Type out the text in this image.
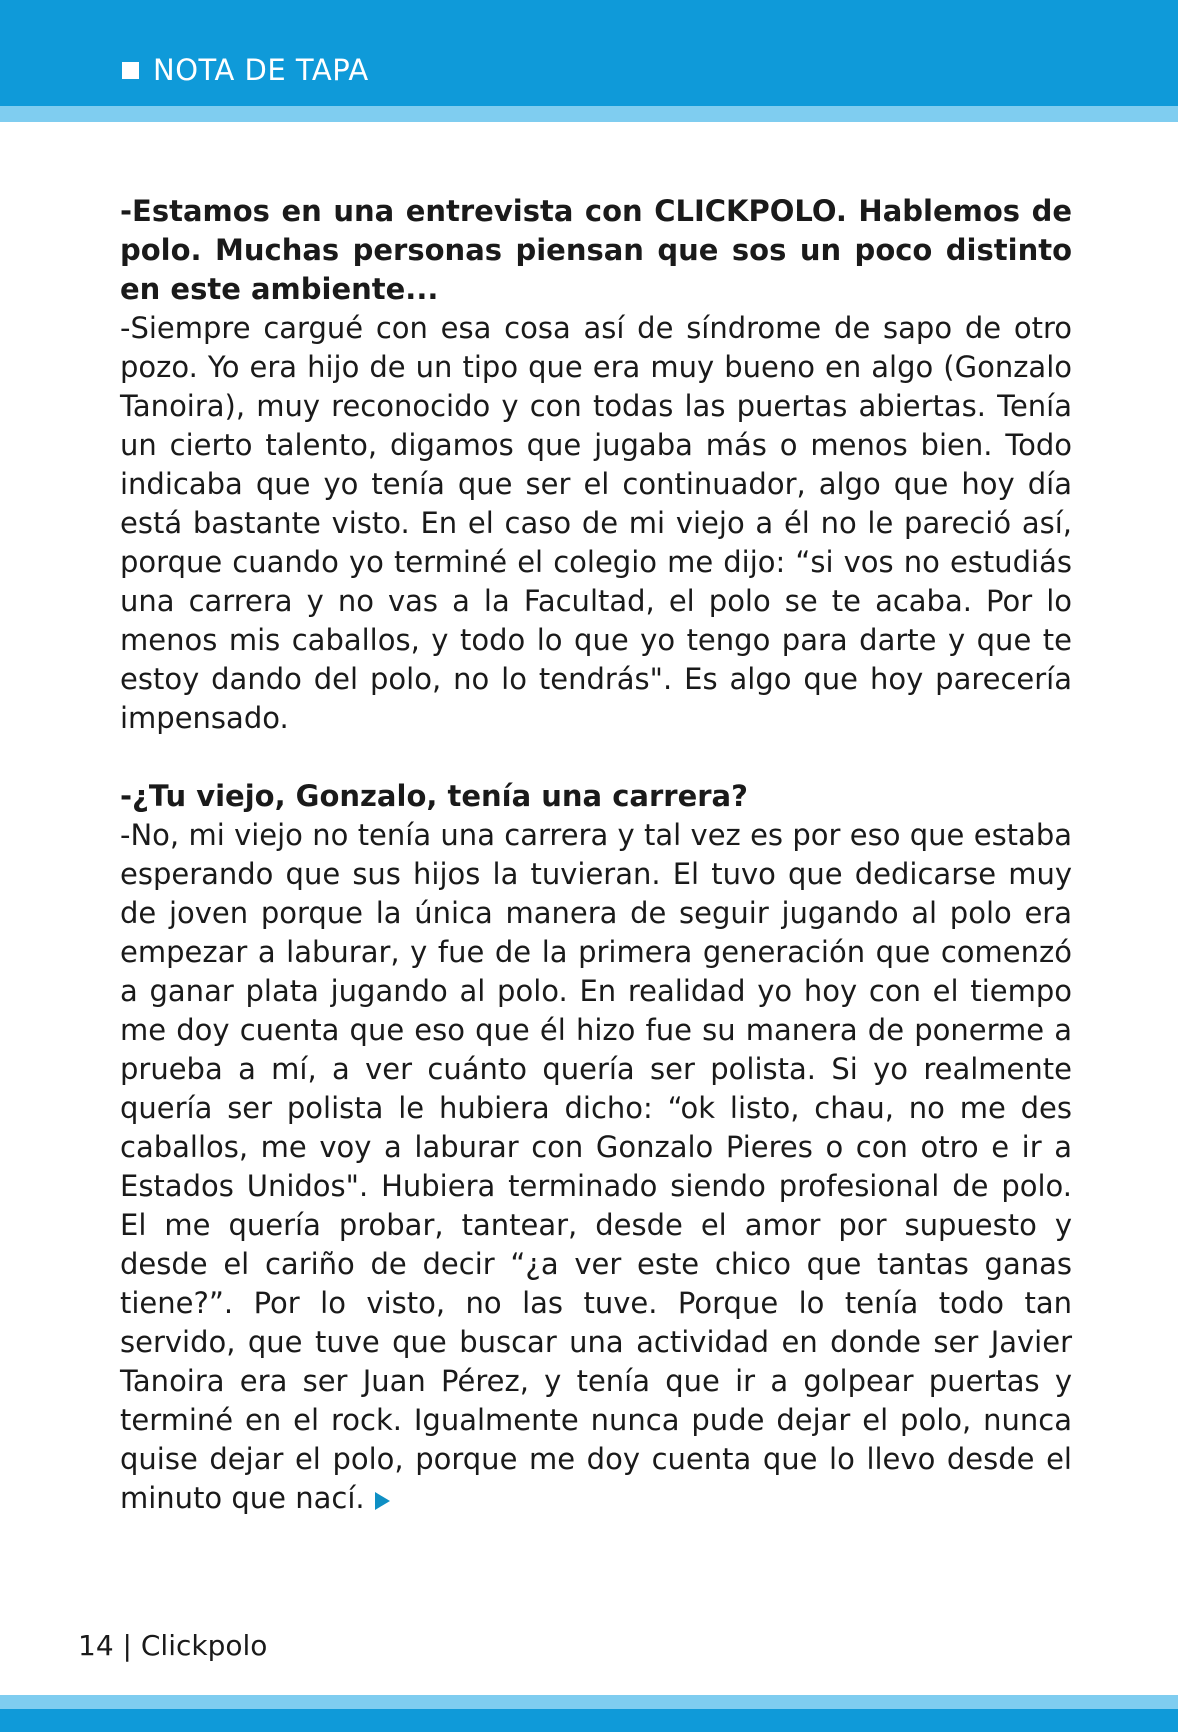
NOTA DE TAPA

-Estamos en una entrevista con CLICKPOLO. Hablemos de polo. Muchas personas piensan que sos un poco distinto en este ambiente...

-Siempre cargué con esa cosa así de síndrome de sapo de otro pozo. Yo era hijo de un tipo que era muy bueno en algo (Gonzalo Tanoira), muy reconocido y con todas las puertas abiertas. Tenía un cierto talento, digamos que jugaba más o menos bien. Todo indicaba que yo tenía que ser el continuador, algo que hoy día está bastante visto. En el caso de mi viejo a él no le pareció así, porque cuando yo terminé el colegio me dijo: “si vos no estudiás una carrera y no vas a la Facultad, el polo se te acaba. Por lo menos mis caballos, y todo lo que yo tengo para darte y que te estoy dando del polo, no lo tendrás". Es algo que hoy parecería impensado.

-¿Tu viejo, Gonzalo, tenía una carrera?

-No, mi viejo no tenía una carrera y tal vez es por eso que estaba esperando que sus hijos la tuvieran. El tuvo que dedicarse muy de joven porque la única manera de seguir jugando al polo era empezar a laburar, y fue de la primera generación que comenzó a ganar plata jugando al polo. En realidad yo hoy con el tiempo me doy cuenta que eso que él hizo fue su manera de ponerme a prueba a mí, a ver cuánto quería ser polista. Si yo realmente quería ser polista le hubiera dicho: “ok listo, chau, no me des caballos, me voy a laburar con Gonzalo Pieres o con otro e ir a Estados Unidos". Hubiera terminado siendo profesional de polo. El me quería probar, tantear, desde el amor por supuesto y desde el cariño de decir “¿a ver este chico que tantas ganas tiene?”. Por lo visto, no las tuve. Porque lo tenía todo tan servido, que tuve que buscar una actividad en donde ser Javier Tanoira era ser Juan Pérez, y tenía que ir a golpear puertas y terminé en el rock. Igualmente nunca pude dejar el polo, nunca quise dejar el polo, porque me doy cuenta que lo llevo desde el minuto que nací.

14 | Clickpolo
